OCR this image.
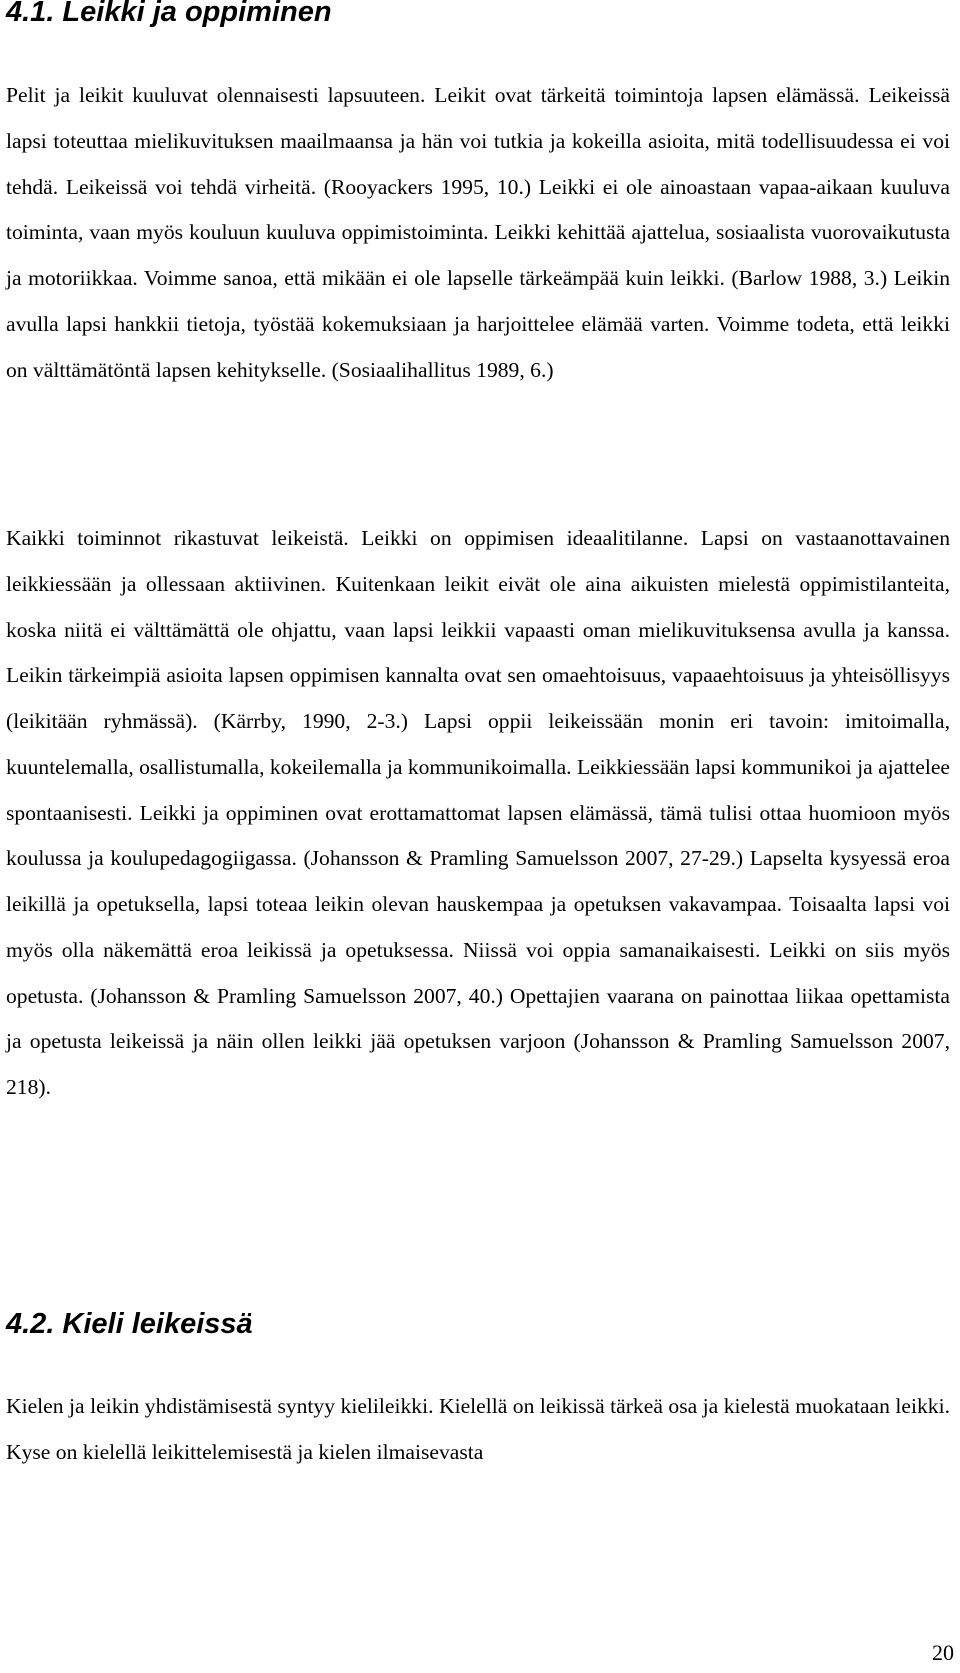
4.1. Leikki ja oppiminen

Pelit ja leikit kuuluvat olennaisesti lapsuuteen. Leikit ovat tärkeitä toimintoja lapsen elämässä. Leikeissä lapsi toteuttaa mielikuvituksen maailmaansa ja hän voi tutkia ja kokeilla asioita, mitä todellisuudessa ei voi tehdä. Leikeissä voi tehdä virheitä. (Rooyackers 1995, 10.) Leikki ei ole ainoastaan vapaa-aikaan kuuluva toiminta, vaan myös kouluun kuuluva oppimistoiminta. Leikki kehittää ajattelua, sosiaalista vuorovaikutusta ja motoriikkaa. Voimme sanoa, että mikään ei ole lapselle tärkeämpää kuin leikki. (Barlow 1988, 3.) Leikin avulla lapsi hankkii tietoja, työstää kokemuksiaan ja harjoittelee elämää varten. Voimme todeta, että leikki on välttämätöntä lapsen kehitykselle. (Sosiaalihallitus 1989, 6.)

Kaikki toiminnot rikastuvat leikeistä. Leikki on oppimisen ideaalitilanne. Lapsi on vastaanottavainen leikkiessään ja ollessaan aktiivinen. Kuitenkaan leikit eivät ole aina aikuisten mielestä oppimistilanteita, koska niitä ei välttämättä ole ohjattu, vaan lapsi leikkii vapaasti oman mielikuvituksensa avulla ja kanssa. Leikin tärkeimpiä asioita lapsen oppimisen kannalta ovat sen omaehtoisuus, vapaaehtoisuus ja yhteisöllisyys (leikitään ryhmässä). (Kärrby, 1990, 2-3.) Lapsi oppii leikeissään monin eri tavoin: imitoimalla, kuuntelemalla, osallistumalla, kokeilemalla ja kommunikoimalla. Leikkiessään lapsi kommunikoi ja ajattelee spontaanisesti. Leikki ja oppiminen ovat erottamattomat lapsen elämässä, tämä tulisi ottaa huomioon myös koulussa ja koulupedagogiigassa. (Johansson & Pramling Samuelsson 2007, 27-29.) Lapselta kysyessä eroa leikillä ja opetuksella, lapsi toteaa leikin olevan hauskempaa ja opetuksen vakavampaa. Toisaalta lapsi voi myös olla näkemättä eroa leikissä ja opetuksessa. Niissä voi oppia samanaikaisesti. Leikki on siis myös opetusta. (Johansson & Pramling Samuelsson 2007, 40.) Opettajien vaarana on painottaa liikaa opettamista ja opetusta leikeissä ja näin ollen leikki jää opetuksen varjoon (Johansson & Pramling Samuelsson 2007, 218).

4.2. Kieli leikeissä

Kielen ja leikin yhdistämisestä syntyy kielileikki. Kielellä on leikissä tärkeä osa ja kielestä muokataan leikki. Kyse on kielellä leikittelemisestä ja kielen ilmaisevasta

20
